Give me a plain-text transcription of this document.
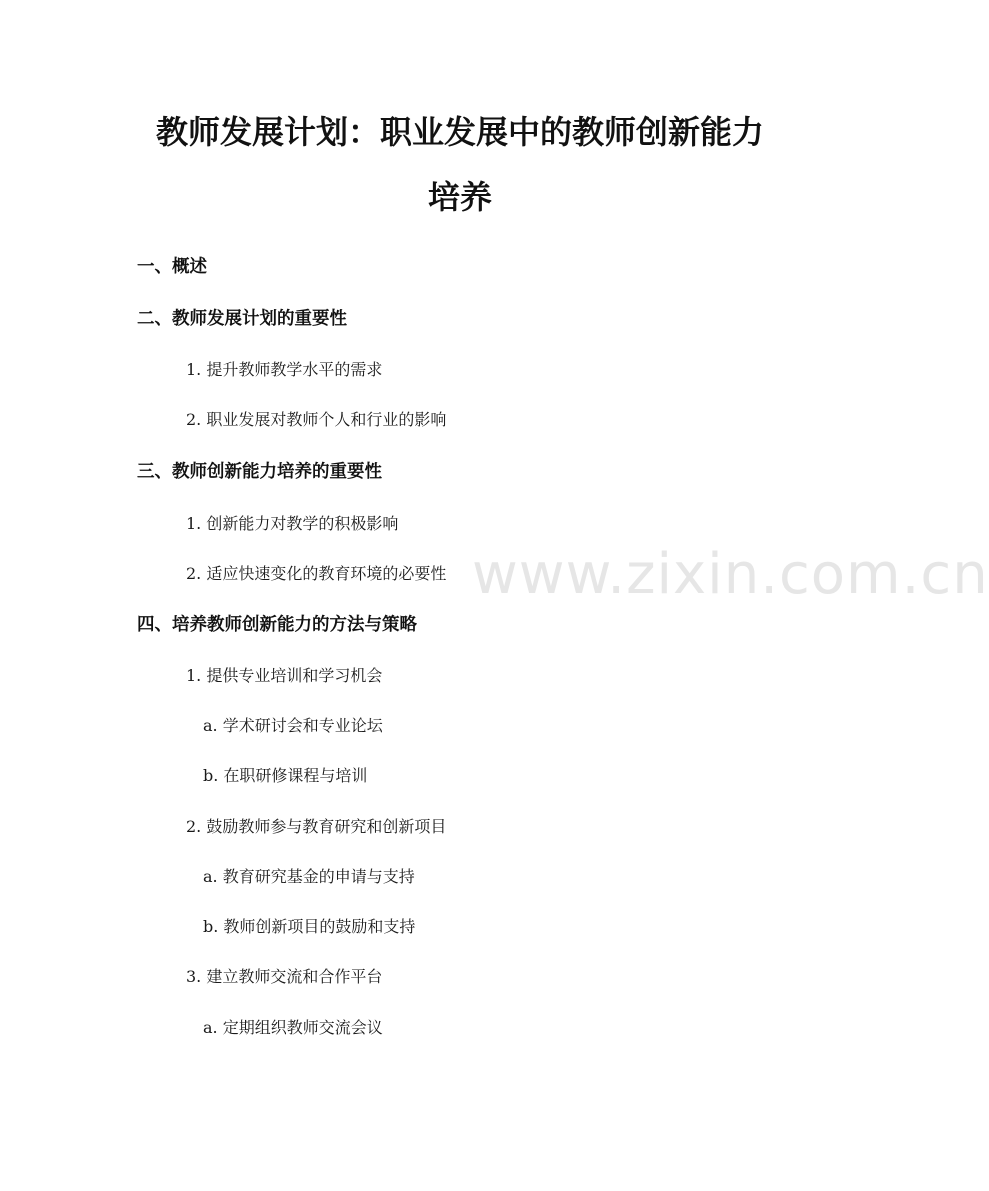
教师发展计划：职业发展中的教师创新能力
培养
www.zixin.com.cn
一、概述
二、教师发展计划的重要性
1. 提升教师教学水平的需求
2. 职业发展对教师个人和行业的影响
三、教师创新能力培养的重要性
1. 创新能力对教学的积极影响
2. 适应快速变化的教育环境的必要性
四、培养教师创新能力的方法与策略
1. 提供专业培训和学习机会
a. 学术研讨会和专业论坛
b. 在职研修课程与培训
2. 鼓励教师参与教育研究和创新项目
a. 教育研究基金的申请与支持
b. 教师创新项目的鼓励和支持
3. 建立教师交流和合作平台
a. 定期组织教师交流会议
